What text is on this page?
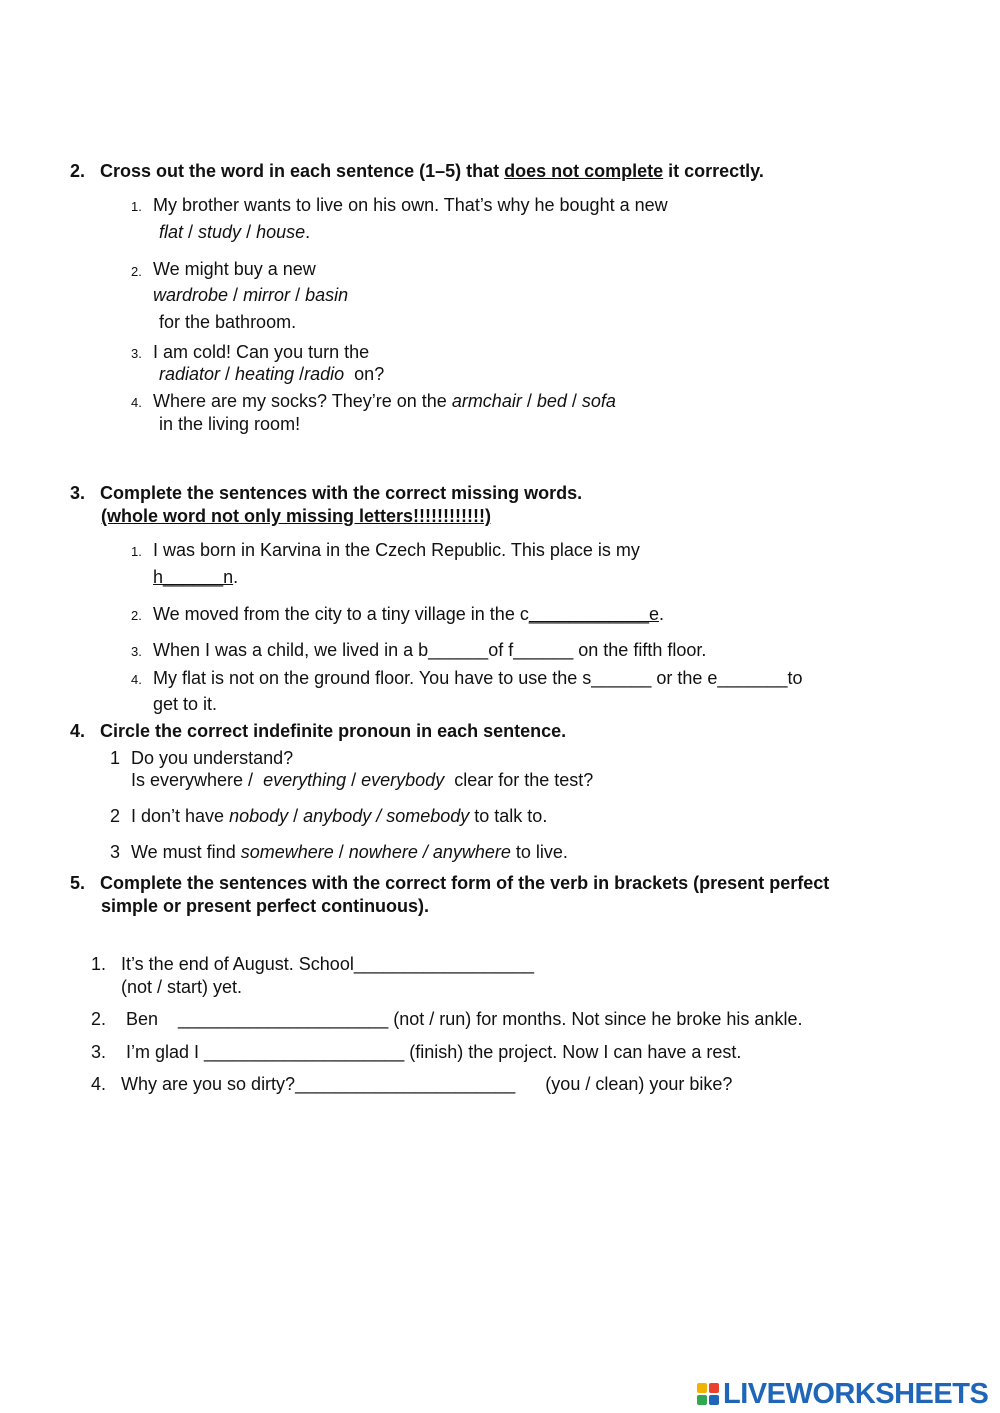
2. Cross out the word in each sentence (1–5) that does not complete it correctly.
1. My brother wants to live on his own. That’s why he bought a new
flat / study / house.
2. We might buy a new
wardrobe / mirror / basin
for the bathroom.
3. I am cold! Can you turn the
radiator / heating /radio on?
4. Where are my socks? They’re on the armchair / bed / sofa
in the living room!
3. Complete the sentences with the correct missing words.
(whole word not only missing letters!!!!!!!!!!!!)
1. I was born in Karvina in the Czech Republic. This place is my
h______n.
2. We moved from the city to a tiny village in the c____________e.
3. When I was a child, we lived in a b______of f______ on the fifth floor.
4. My flat is not on the ground floor. You have to use the s______ or the e_______to
get to it.
4. Circle the correct indefinite pronoun in each sentence.
1 Do you understand?
Is everywhere /  everything / everybody clear for the test?
2 I don’t have nobody / anybody / somebody to talk to.
3 We must find somewhere / nowhere / anywhere to live.
5. Complete the sentences with the correct form of the verb in brackets (present perfect
simple or present perfect continuous).
1. It’s the end of August. School__________________
(not / start) yet.
2. Ben    _____________________ (not / run) for months. Not since he broke his ankle.
3. I’m glad I ____________________ (finish) the project. Now I can have a rest.
4. Why are you so dirty?______________________      (you / clean) your bike?
LIVEWORKSHEETS
